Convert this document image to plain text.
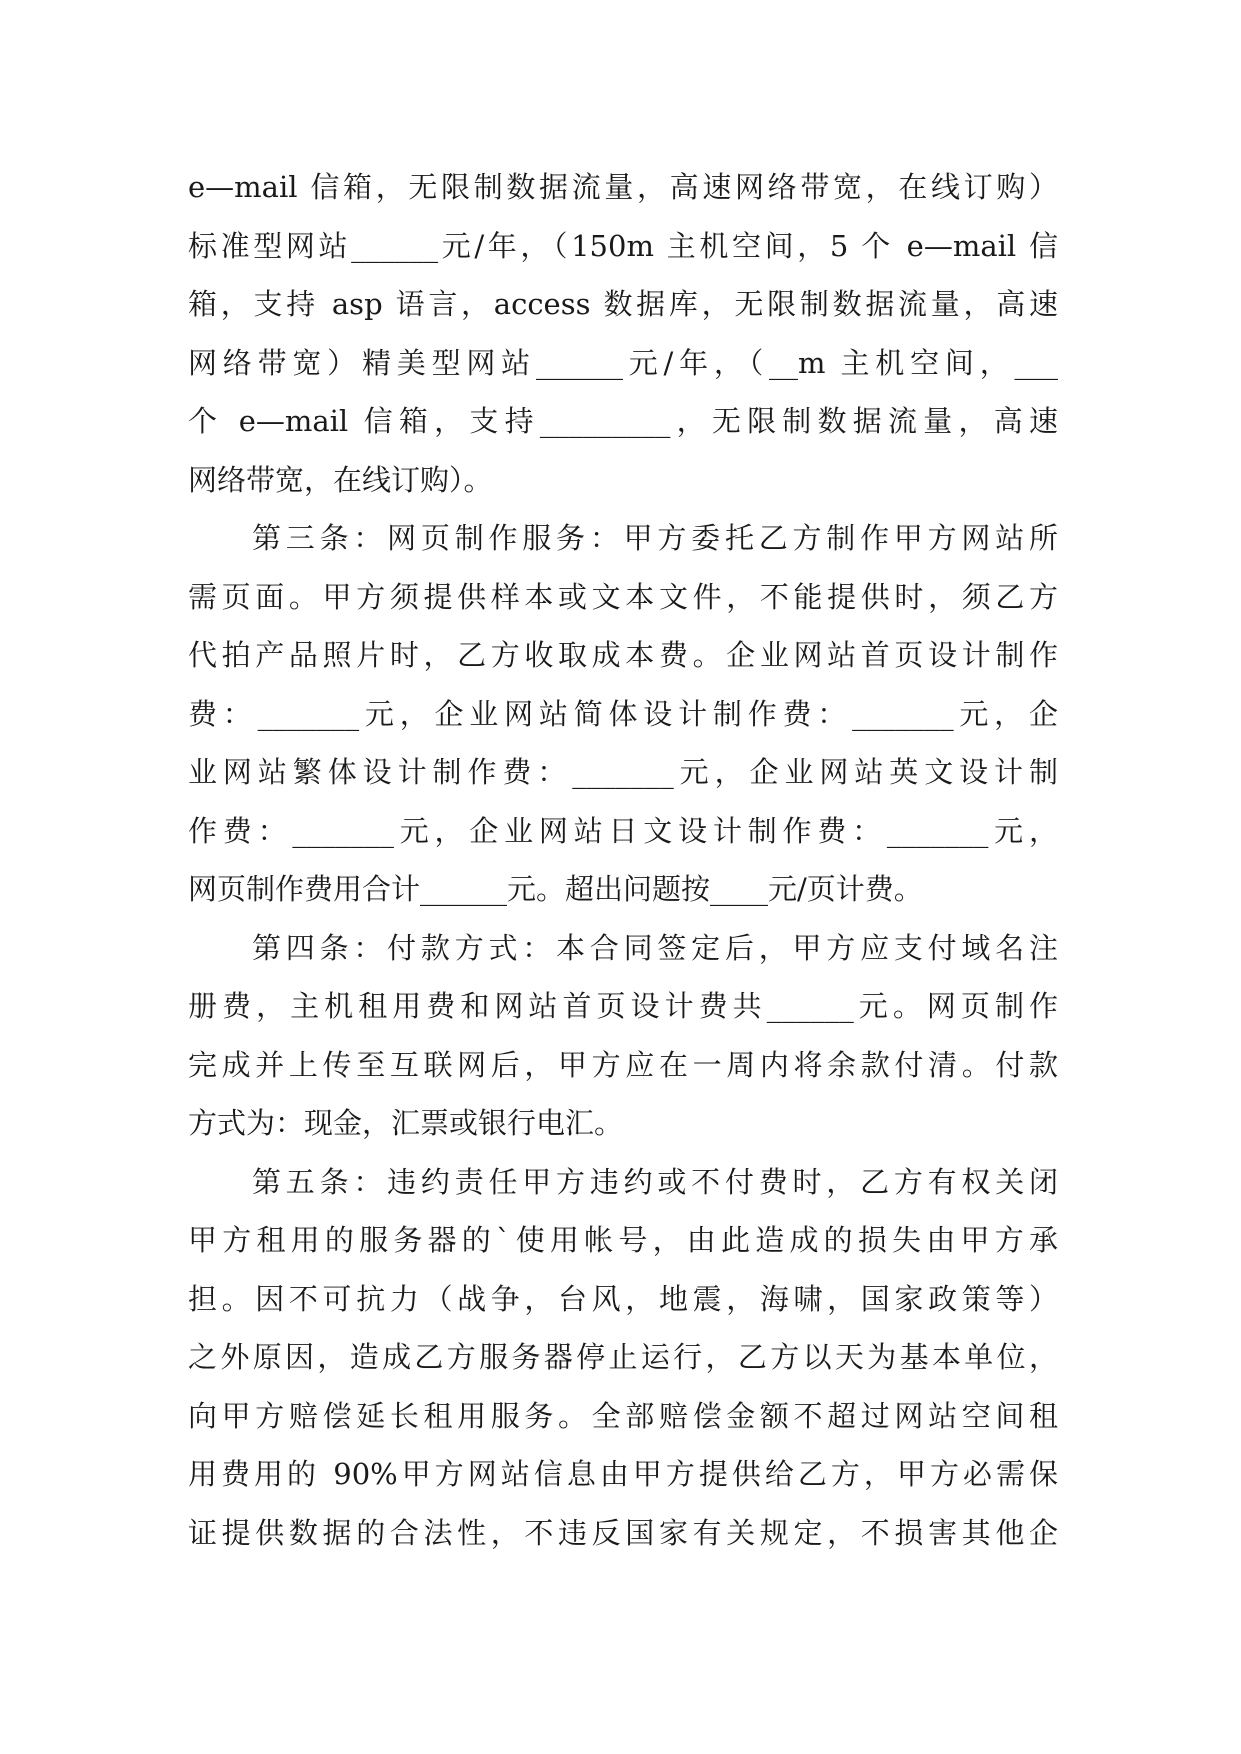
e—mail 信箱，无限制数据流量，高速网络带宽，在线订购）
标准型网站______元/年，（150m 主机空间，5 个 e—mail 信
箱，支持 asp 语言，access 数据库，无限制数据流量，高速
网络带宽）精美型网站______元/年，（__m 主机空间，___
个 e—mail 信箱，支持_________，无限制数据流量，高速
网络带宽，在线订购）。
第三条：网页制作服务：甲方委托乙方制作甲方网站所
需页面。甲方须提供样本或文本文件，不能提供时，须乙方
代拍产品照片时，乙方收取成本费。企业网站首页设计制作
费：_______元，企业网站简体设计制作费：_______元，企
业网站繁体设计制作费：_______元，企业网站英文设计制
作费：_______元，企业网站日文设计制作费：_______元，
网页制作费用合计______元。超出问题按____元/页计费。
第四条：付款方式：本合同签定后，甲方应支付域名注
册费，主机租用费和网站首页设计费共______元。网页制作
完成并上传至互联网后，甲方应在一周内将余款付清。付款
方式为：现金，汇票或银行电汇。
第五条：违约责任甲方违约或不付费时，乙方有权关闭
甲方租用的服务器的`使用帐号，由此造成的损失由甲方承
担。因不可抗力（战争，台风，地震，海啸，国家政策等）
之外原因，造成乙方服务器停止运行，乙方以天为基本单位，
向甲方赔偿延长租用服务。全部赔偿金额不超过网站空间租
用费用的 90%甲方网站信息由甲方提供给乙方，甲方必需保
证提供数据的合法性，不违反国家有关规定，不损害其他企
